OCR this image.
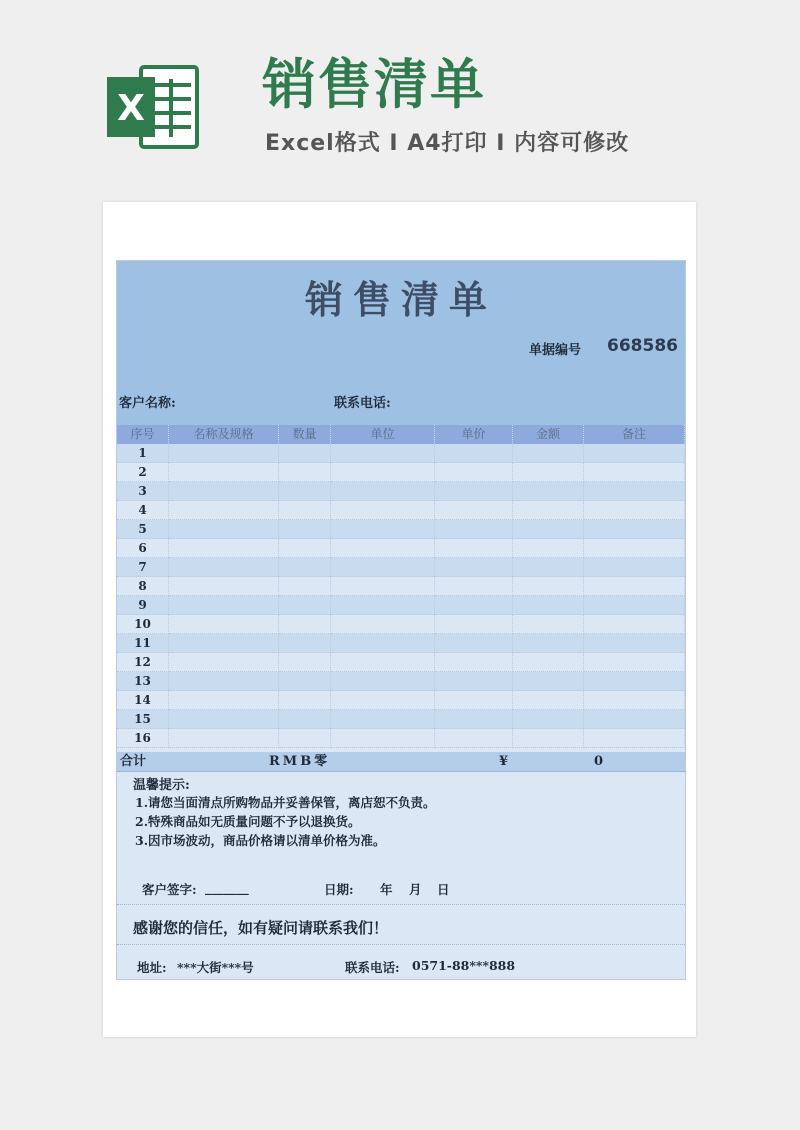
X 销售清单
Excel格式 I A4打印 I 内容可修改
销售清单
单据编号 668586
客户名称:	联系电话:
序号	名称及规格	数量	单位	单价	金额	备注
1
2
3
4
5
6
7
8
9
10
11
12
13
14
15
16
合计	RMB零	¥	0
温馨提示:
1.请您当面清点所购物品并妥善保管，离店恕不负责。
2.特殊商品如无质量问题不予以退换货。
3.因市场波动，商品价格请以清单价格为准。
客户签字: _______	日期: 年 月 日
感谢您的信任，如有疑问请联系我们！
地址: ***大街***号	联系电话: 0571-88***888
